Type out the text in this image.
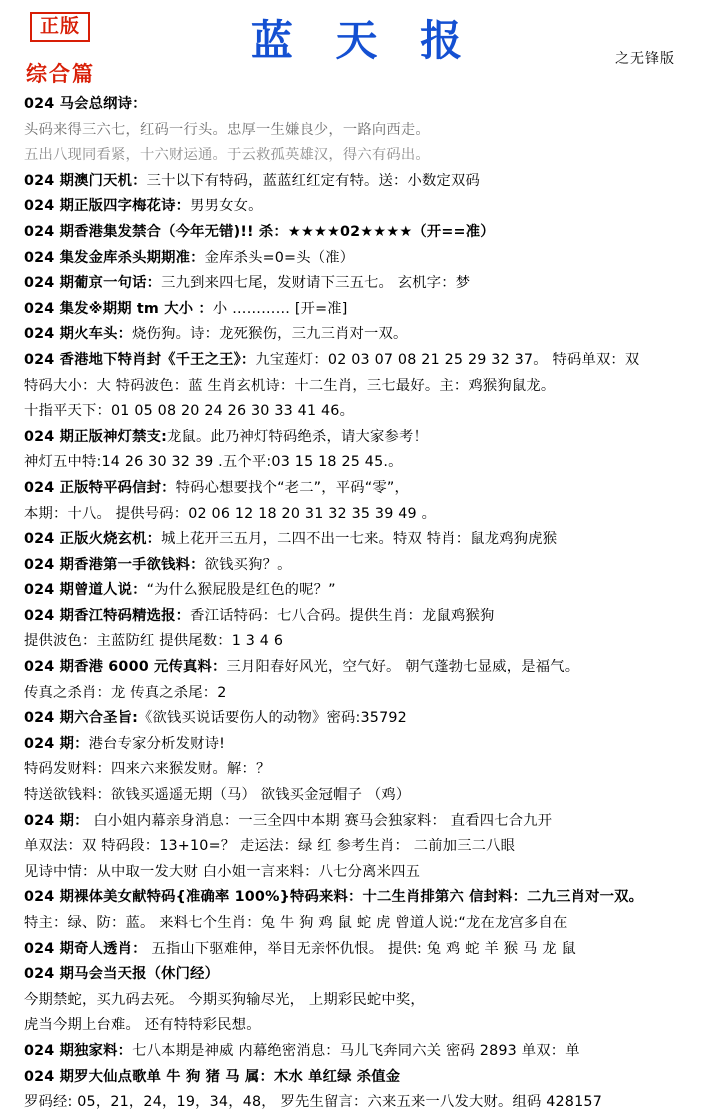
正版	蓝 天 报	之无锋版
综合篇
024 马会总纲诗：
头码来得三六七，红码一行头。忠厚一生嫌良少，一路向西走。
五出八现同看紧，十六财运通。于云救孤英雄汉，得六有码出。
024 期澳门天机：三十以下有特码，蓝蓝红红定有特。送：小数定双码
024 期正版四字梅花诗：男男女女。
024 期香港集发禁合（今年无错)!! 杀：★★★★02★★★★（开==准）
024 集发金库杀头期期准：金库杀头=0=头（准）
024 期葡京一句话：三九到来四七尾，发财请下三五七。 玄机字：梦
024 集发※期期 tm 大小 ：小 ………… [开=准]
024 期火车头：烧伤狗。诗：龙死猴伤，三九三肖对一双。
024 香港地下特肖封《千王之王》：九宝莲灯：02 03 07 08 21 25 29 32 37。 特码单双：双
特码大小：大 特码波色：蓝 生肖玄机诗：十二生肖，三七最好。主：鸡猴狗鼠龙。
十指平天下：01 05 08 20 24 26 30 33 41 46。
024 期正版神灯禁支:龙鼠。此乃神灯特码绝杀，请大家参考！
神灯五中特:14 26 30 32 39 .五个平:03 15 18 25 45.。
024 正版特平码信封：特码心想要找个“老二”，平码“零”，
本期：十八。 提供号码：02 06 12 18 20 31 32 35 39 49 。
024 正版火烧玄机：城上花开三五月，二四不出一七来。特双 特肖：鼠龙鸡狗虎猴
024 期香港第一手欲钱料：欲钱买狗？。
024 期曾道人说：“为什么猴屁股是红色的呢？”
024 期香江特码精选报：香江话特码：七八合码。提供生肖：龙鼠鸡猴狗
提供波色：主蓝防红 提供尾数：1 3 4 6
024 期香港 6000 元传真料：三月阳春好风光，空气好。 朝气蓬勃七显威，是福气。
传真之杀肖：龙 传真之杀尾：2
024 期六合圣旨:《欲钱买说话要伤人的动物》密码:35792
024 期：港台专家分析发财诗!
特码发财料：四来六来猴发财。解：？
特送欲钱料：欲钱买遥遥无期（马） 欲钱买金冠帽子 （鸡）
024 期： 白小姐内幕亲身消息：一三全四中本期 赛马会独家料： 直看四七合九开
单双法：双 特码段：13+10=？ 走运法：绿 红 参考生肖： 二前加三二八眼
见诗中情：从中取一发大财 白小姐一言来料：八七分离米四五
024 期裸体美女献特码{准确率 100%}特码来料：十二生肖排第六 信封料：二九三肖对一双。
特主：绿、防：蓝。 来料七个生肖：兔 牛 狗 鸡 鼠 蛇 虎 曾道人说:“龙在龙宫多自在
024 期奇人透肖： 五指山下驱难伸，举目无亲怀仇恨。 提供: 兔 鸡 蛇 羊 猴 马 龙 鼠
024 期马会当天报（休门经）
今期禁蛇，买九码去死。 今期买狗输尽光， 上期彩民蛇中奖，
虎当今期上台难。 还有特特彩民想。
024 期独家料：七八本期是神威 内幕绝密消息：马儿飞奔同六关 密码 2893 单双：单
024 期罗大仙点歌单 牛 狗 猪 马 属：木水 单红绿 杀值金
罗码经: 05，21，24，19，34，48， 罗先生留言：六来五来一八发大财。组码 428157
